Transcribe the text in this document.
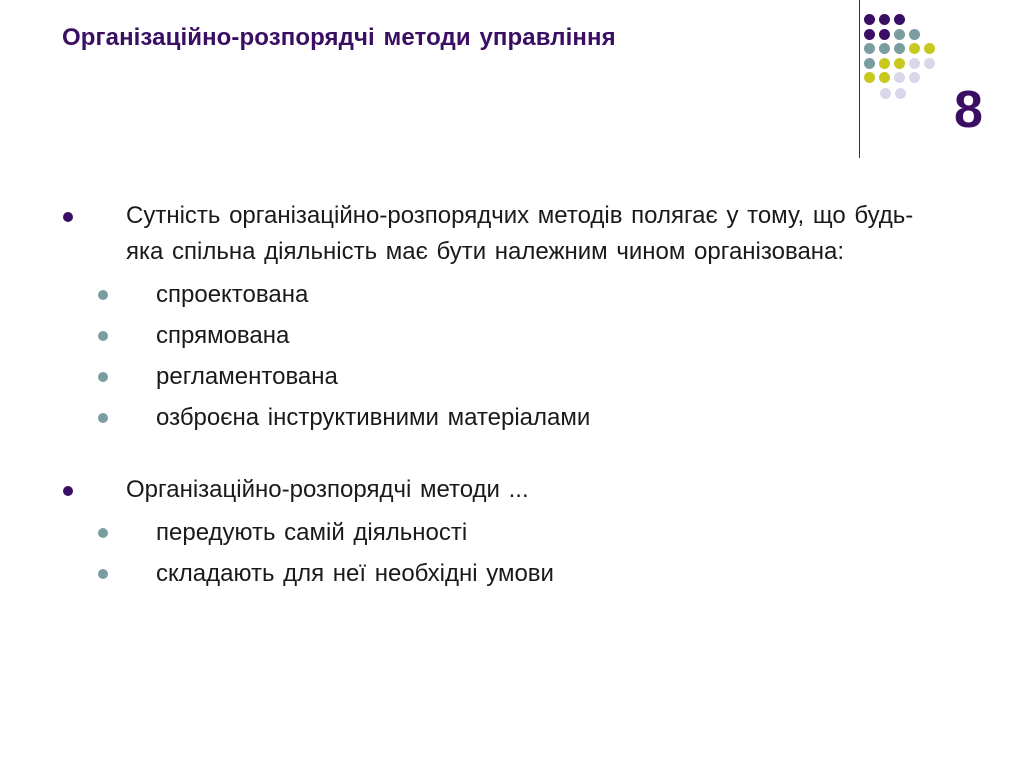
Організаційно-розпорядчі методи управління
8
Сутність організаційно-розпорядчих методів полягає у тому, що будь-яка спільна діяльність має бути належним чином організована:
спроектована
спрямована
регламентована
озброєна інструктивними матеріалами
Організаційно-розпорядчі методи ...
передують самій діяльності
складають для неї необхідні умови
